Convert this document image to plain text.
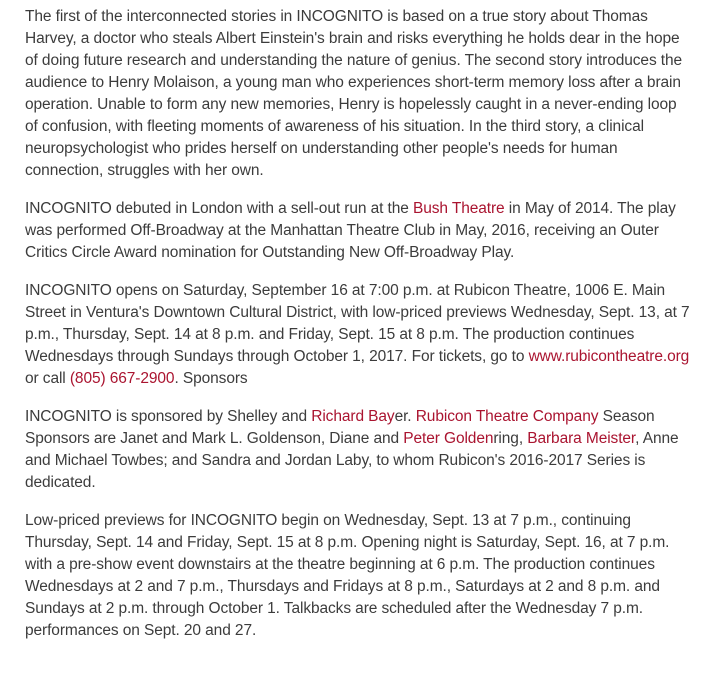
The first of the interconnected stories in INCOGNITO is based on a true story about Thomas Harvey, a doctor who steals Albert Einstein's brain and risks everything he holds dear in the hope of doing future research and understanding the nature of genius. The second story introduces the audience to Henry Molaison, a young man who experiences short-term memory loss after a brain operation. Unable to form any new memories, Henry is hopelessly caught in a never-ending loop of confusion, with fleeting moments of awareness of his situation. In the third story, a clinical neuropsychologist who prides herself on understanding other people's needs for human connection, struggles with her own.

INCOGNITO debuted in London with a sell-out run at the Bush Theatre in May of 2014. The play was performed Off-Broadway at the Manhattan Theatre Club in May, 2016, receiving an Outer Critics Circle Award nomination for Outstanding New Off-Broadway Play.

INCOGNITO opens on Saturday, September 16 at 7:00 p.m. at Rubicon Theatre, 1006 E. Main Street in Ventura's Downtown Cultural District, with low-priced previews Wednesday, Sept. 13, at 7 p.m., Thursday, Sept. 14 at 8 p.m. and Friday, Sept. 15 at 8 p.m. The production continues Wednesdays through Sundays through October 1, 2017. For tickets, go to www.rubicontheatre.org or call (805) 667-2900. Sponsors

INCOGNITO is sponsored by Shelley and Richard Bayer. Rubicon Theatre Company Season Sponsors are Janet and Mark L. Goldenson, Diane and Peter Goldenring, Barbara Meister, Anne and Michael Towbes; and Sandra and Jordan Laby, to whom Rubicon's 2016-2017 Series is dedicated.

Low-priced previews for INCOGNITO begin on Wednesday, Sept. 13 at 7 p.m., continuing Thursday, Sept. 14 and Friday, Sept. 15 at 8 p.m. Opening night is Saturday, Sept. 16, at 7 p.m. with a pre-show event downstairs at the theatre beginning at 6 p.m. The production continues Wednesdays at 2 and 7 p.m., Thursdays and Fridays at 8 p.m., Saturdays at 2 and 8 p.m. and Sundays at 2 p.m. through October 1. Talkbacks are scheduled after the Wednesday 7 p.m. performances on Sept. 20 and 27.
